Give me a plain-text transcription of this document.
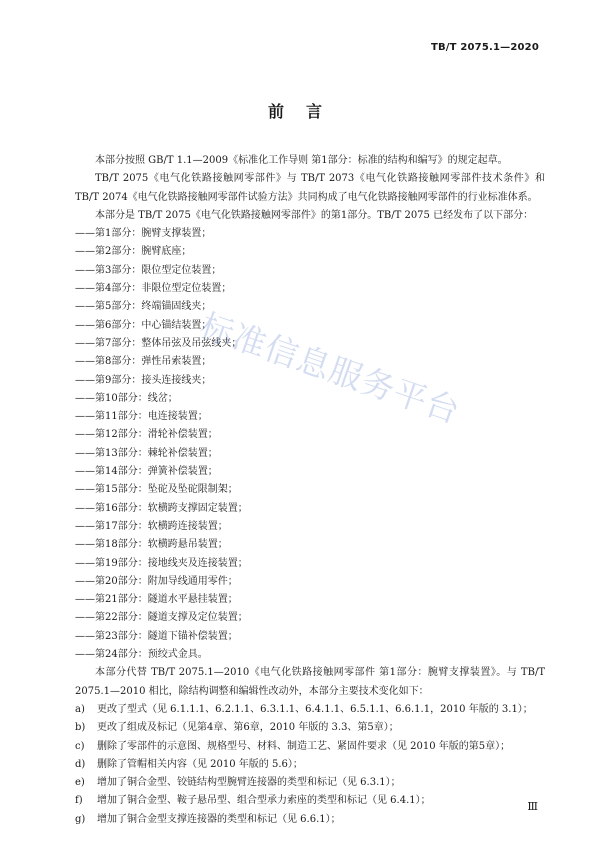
TB/T 2075.1—2020
前言

本部分按照 GB/T 1.1—2009《标准化工作导则 第1部分：标准的结构和编写》的规定起草。

TB/T 2075《电气化铁路接触网零部件》与 TB/T 2073《电气化铁路接触网零部件技术条件》和 TB/T 2074《电气化铁路接触网零部件试验方法》共同构成了电气化铁路接触网零部件的行业标准体系。

本部分是 TB/T 2075《电气化铁路接触网零部件》的第1部分。TB/T 2075 已经发布了以下部分：

——第1部分：腕臂支撑装置；

——第2部分：腕臂底座；

——第3部分：限位型定位装置；

——第4部分：非限位型定位装置；

——第5部分：终端锚固线夹；

——第6部分：中心锚结装置；

——第7部分：整体吊弦及吊弦线夹；

——第8部分：弹性吊索装置；

——第9部分：接头连接线夹；

——第10部分：线岔；

——第11部分：电连接装置；

——第12部分：滑轮补偿装置；

——第13部分：棘轮补偿装置；

——第14部分：弹簧补偿装置；

——第15部分：坠砣及坠砣限制架；

——第16部分：软横跨支撑固定装置；

——第17部分：软横跨连接装置；

——第18部分：软横跨悬吊装置；

——第19部分：接地线夹及连接装置；

——第20部分：附加导线通用零件；

——第21部分：隧道水平悬挂装置；

——第22部分：隧道支撑及定位装置；

——第23部分：隧道下锚补偿装置；

——第24部分：预绞式金具。

本部分代替 TB/T 2075.1—2010《电气化铁路接触网零部件 第1部分：腕臂支撑装置》。与 TB/T 2075.1—2010 相比，除结构调整和编辑性改动外，本部分主要技术变化如下：

a) 更改了型式（见 6.1.1.1、6.2.1.1、6.3.1.1、6.4.1.1、6.5.1.1、6.6.1.1，2010 年版的 3.1）；

b) 更改了组成及标记（见第4章、第6章，2010 年版的 3.3、第5章）；

c) 删除了零部件的示意图、规格型号、材料、制造工艺、紧固件要求（见 2010 年版的第5章）；

d) 删除了管帽相关内容（见 2010 年版的 5.6）；

e) 增加了铜合金型、铰链结构型腕臂连接器的类型和标记（见 6.3.1）；

f) 增加了铜合金型、鞍子悬吊型、组合型承力索座的类型和标记（见 6.4.1）；

g) 增加了铜合金型支撑连接器的类型和标记（见 6.6.1）；

标准信息服务平台
Ⅲ
